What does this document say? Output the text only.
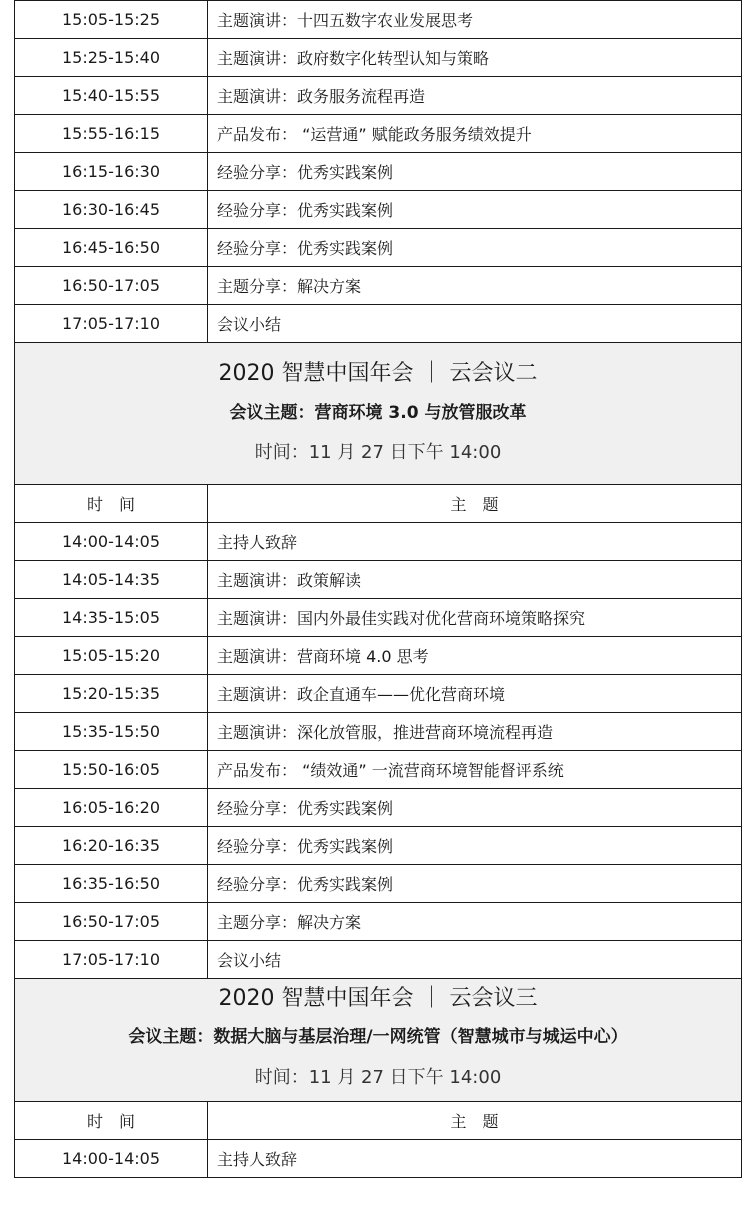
15:05-15:25	主题演讲：十四五数字农业发展思考
15:25-15:40	主题演讲：政府数字化转型认知与策略
15:40-15:55	主题演讲：政务服务流程再造
15:55-16:15	产品发布： “运营通” 赋能政务服务绩效提升
16:15-16:30	经验分享：优秀实践案例
16:30-16:45	经验分享：优秀实践案例
16:45-16:50	经验分享：优秀实践案例
16:50-17:05	主题分享：解决方案
17:05-17:10	会议小结

2020 智慧中国年会 ｜ 云会议二
会议主题：营商环境 3.0 与放管服改革
时间：11 月 27 日下午 14:00	

时　间	主　题
14:00-14:05	主持人致辞
14:05-14:35	主题演讲：政策解读
14:35-15:05	主题演讲：国内外最佳实践对优化营商环境策略探究
15:05-15:20	主题演讲：营商环境 4.0 思考
15:20-15:35	主题演讲：政企直通车——优化营商环境
15:35-15:50	主题演讲：深化放管服，推进营商环境流程再造
15:50-16:05	产品发布： “绩效通” 一流营商环境智能督评系统
16:05-16:20	经验分享：优秀实践案例
16:20-16:35	经验分享：优秀实践案例
16:35-16:50	经验分享：优秀实践案例
16:50-17:05	主题分享：解决方案
17:05-17:10	会议小结

2020 智慧中国年会 ｜ 云会议三
会议主题：数据大脑与基层治理/一网统管（智慧城市与城运中心）
时间：11 月 27 日下午 14:00	

时　间	主　题
14:00-14:05	主持人致辞
